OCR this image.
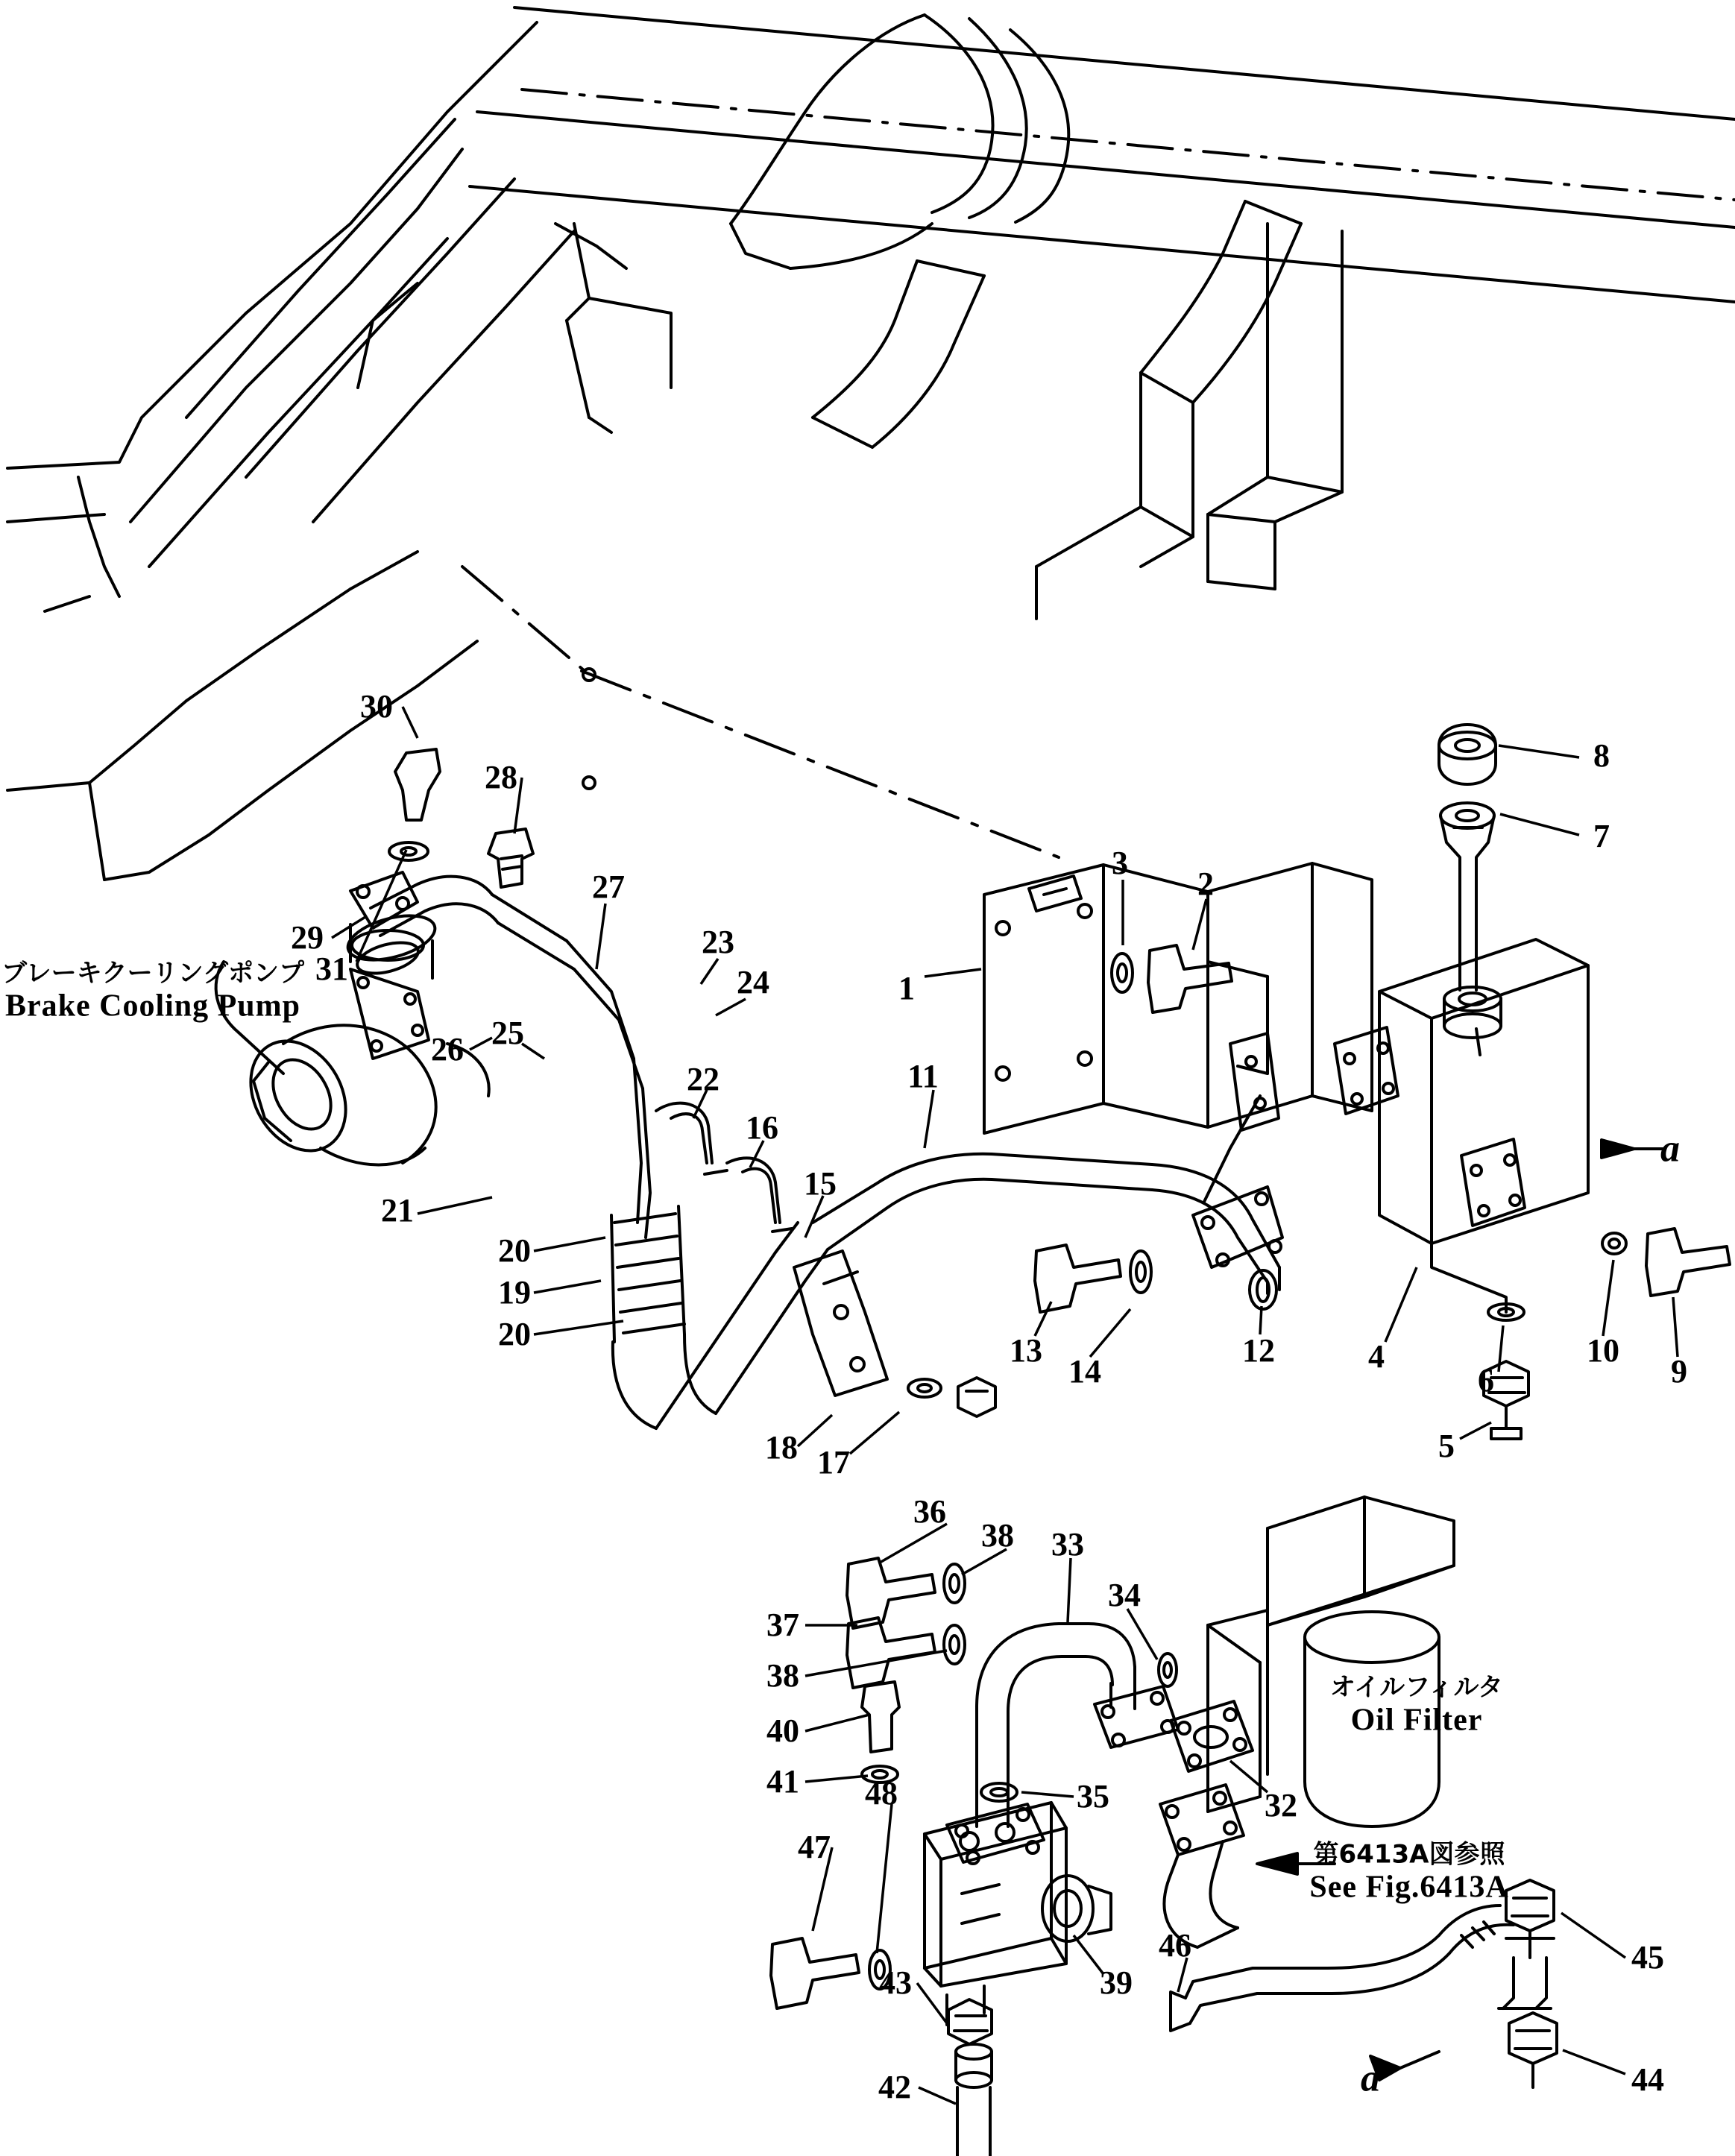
ブレーキクーリングポンプ
Brake Cooling Pump
オイルフィルタ
Oil Filter
第6413A図参照
See Fig.6413A
a
a
30
31
28
29
27
23
24
26 25
22
16
15
21
20
19
20
18 17
13
14
12
11
1
3
2
4
6
5
10
9
8
7
36
38
37
38
40
41
33
34
32
35
48
47
43	39
42
46	45
44
